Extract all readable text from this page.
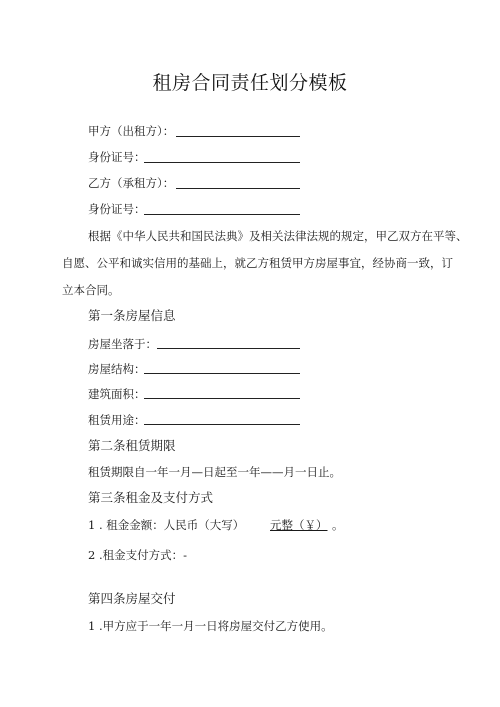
租房合同责任划分模板
甲方（出租方）：
身份证号：
乙方（承租方）：
身份证号：
根据《中华人民共和国民法典》及相关法律法规的规定，甲乙双方在平等、
自愿、公平和诚实信用的基础上，就乙方租赁甲方房屋事宜，经协商一致，订
立本合同。
第一条房屋信息
房屋坐落于：
房屋结构：
建筑面积：
租赁用途：
第二条租赁期限
租赁期限自一年一月—日起至一年——月一日止。
第三条租金及支付方式
1 . 租金金额：人民币（大写） 元整（￥） 。
2 .租金支付方式：-
第四条房屋交付
1 .甲方应于一年一月一日将房屋交付乙方使用。
